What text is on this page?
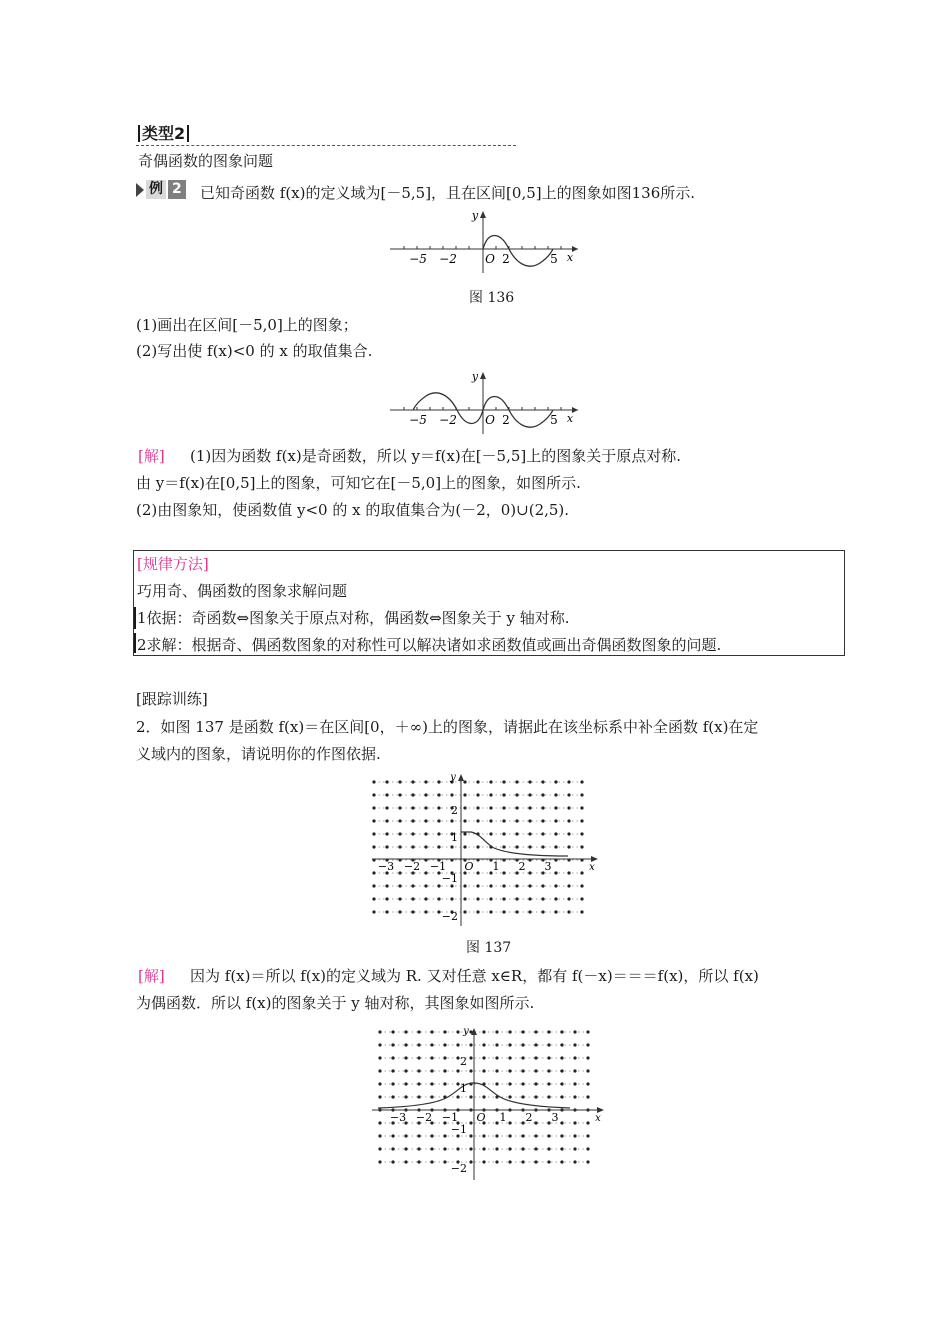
类型2
奇偶函数的图象问题
例 2 已知奇函数 f(x)的定义域为[－5,5]，且在区间[0,5]上的图象如图136所示.
−5 −2 O 2	5 x
y
图 136
(1)画出在区间[－5,0]上的图象；
(2)写出使 f(x)<0 的 x 的取值集合.
−5 −2 O 2	5 x
y
[解] (1)因为函数 f(x)是奇函数，所以 y＝f(x)在[－5,5]上的图象关于原点对称.
由 y＝f(x)在[0,5]上的图象，可知它在[－5,0]上的图象，如图所示.
(2)由图象知，使函数值 y<0 的 x 的取值集合为(－2，0)∪(2,5).
[规律方法]
巧用奇、偶函数的图象求解问题
1依据：奇函数⇔图象关于原点对称，偶函数⇔图象关于 y 轴对称.
2求解：根据奇、偶函数图象的对称性可以解决诸如求函数值或画出奇偶函数图象的问题.
[跟踪训练]
2．如图 137 是函数 f(x)＝在区间[0，＋∞)上的图象，请据此在该坐标系中补全函数 f(x)在定
义域内的图象，请说明你的作图依据.
−3 −2 −1 O 1 2 3
2
1
−1
−2
x
y
图 137
[解] 因为 f(x)＝所以 f(x)的定义域为 R. 又对任意 x∈R，都有 f(－x)＝＝＝f(x)，所以 f(x)
为偶函数．所以 f(x)的图象关于 y 轴对称，其图象如图所示.
−3 −2 −1 O 1 2 3
2
1
−1
−2
x
y
